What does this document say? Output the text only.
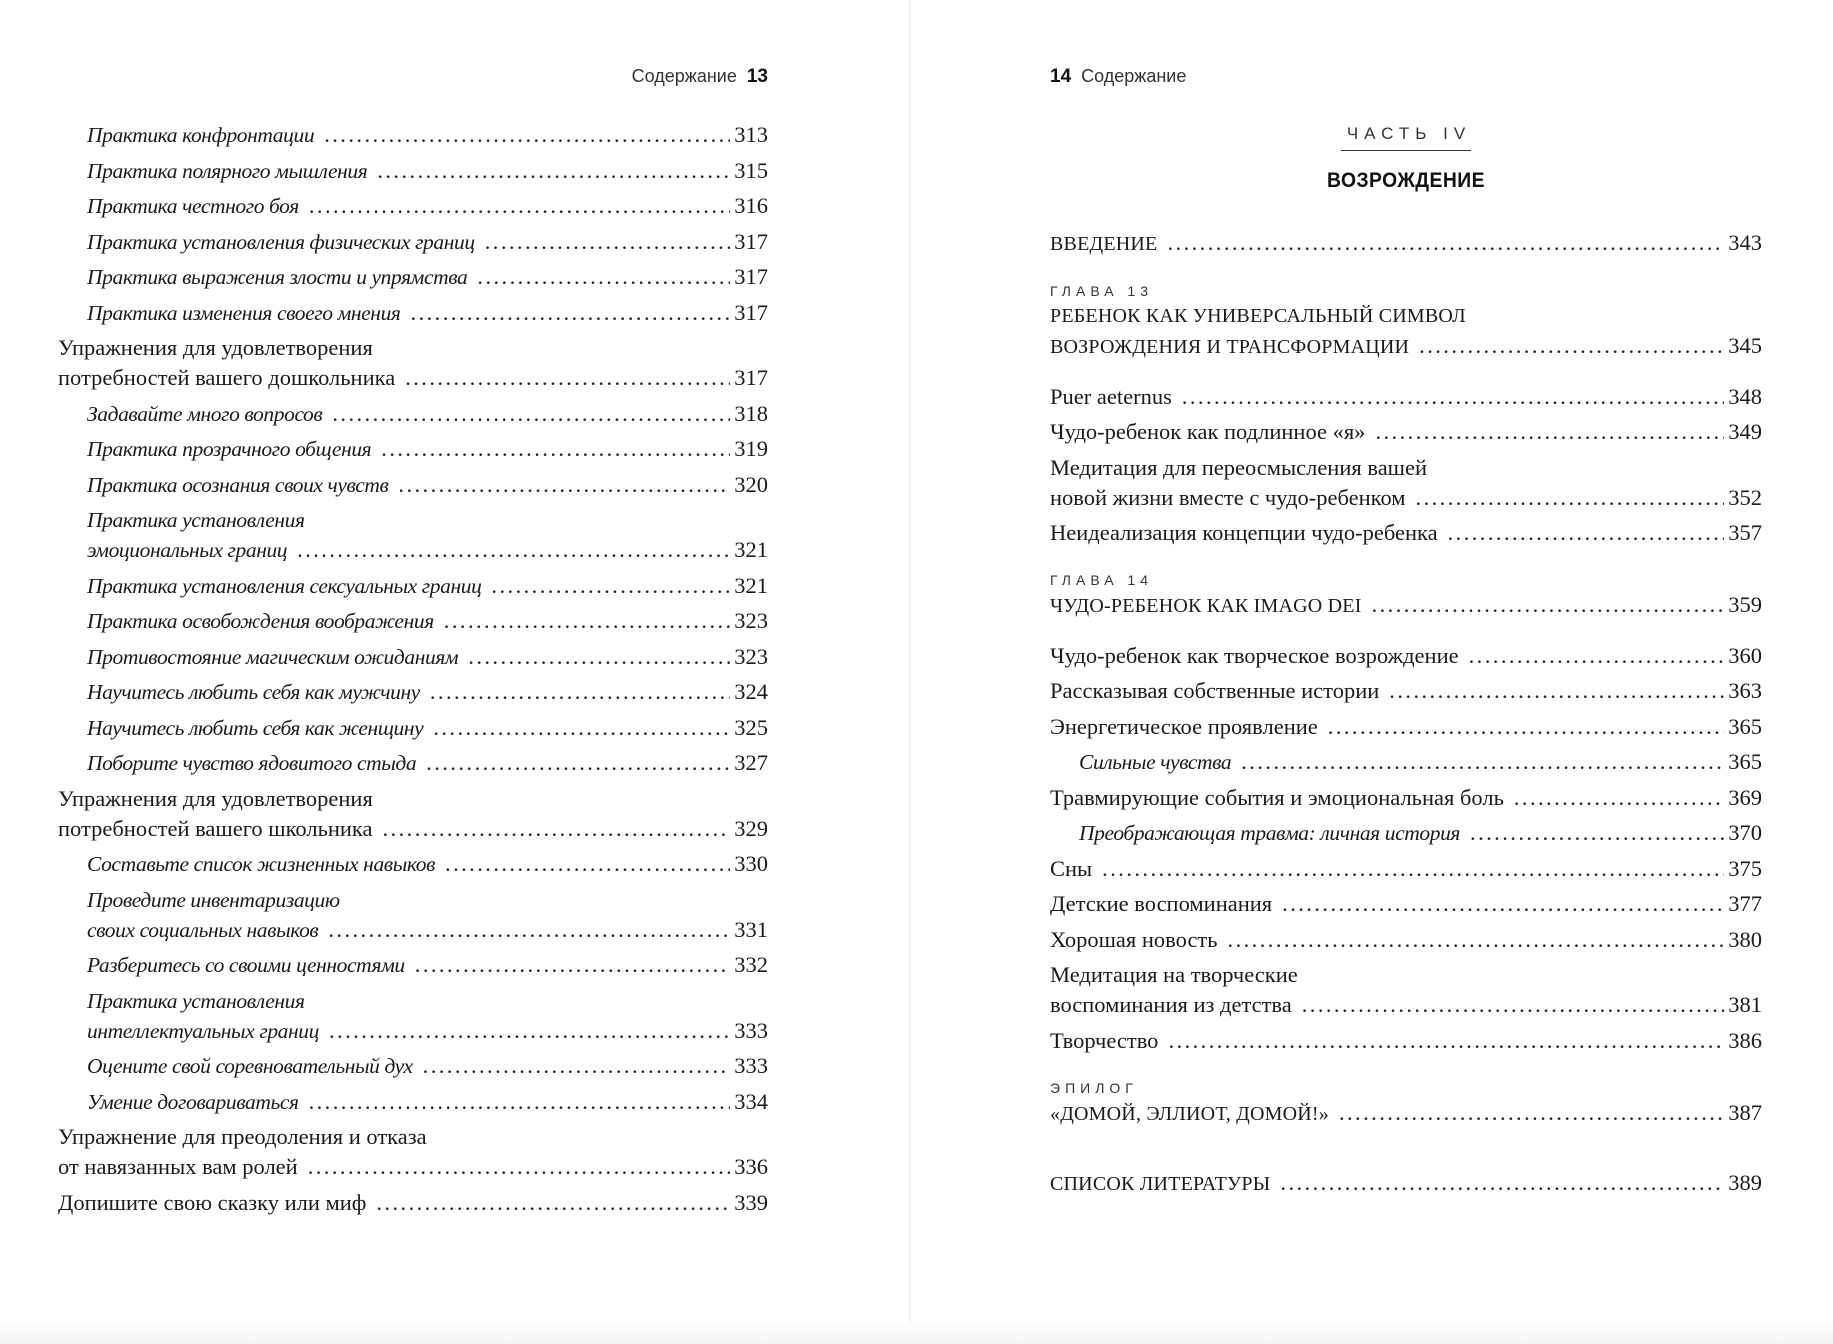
Содержание 13
Практика конфронтации . . .	313
Практика полярного мышления . . .	315
Практика честного боя . . .	316
Практика установления физических границ . . .	317
Практика выражения злости и упрямства . . .	317
Практика изменения своего мнения . . .	317
Упражнения для удовлетворения
потребностей вашего дошкольника . . .	317
Задавайте много вопросов . . .	318
Практика прозрачного общения . . .	319
Практика осознания своих чувств . . .	320
Практика установления
эмоциональных границ . . .	321
Практика установления сексуальных границ . . .	321
Практика освобождения воображения . . .	323
Противостояние магическим ожиданиям . . .	323
Научитесь любить себя как мужчину . . .	324
Научитесь любить себя как женщину . . .	325
Поборите чувство ядовитого стыда . . .	327
Упражнения для удовлетворения
потребностей вашего школьника . . .	329
Составьте список жизненных навыков . . .	330
Проведите инвентаризацию
своих социальных навыков . . .	331
Разберитесь со своими ценностями . . .	332
Практика установления
интеллектуальных границ . . .	333
Оцените свой соревновательный дух . . .	333
Умение договариваться . . .	334
Упражнение для преодоления и отказа
от навязанных вам ролей . . .	336
Допишите свою сказку или миф . . .	339
14 Содержание
ЧАСТЬ IV
ВОЗРОЖДЕНИЕ
ВВЕДЕНИЕ . . .	343
ГЛАВА 13
РЕБЕНОК КАК УНИВЕРСАЛЬНЫЙ СИМВОЛ
ВОЗРОЖДЕНИЯ И ТРАНСФОРМАЦИИ . . .	345
Puer aeternus . . .	348
Чудо-ребенок как подлинное «я» . . .	349
Медитация для переосмысления вашей
новой жизни вместе с чудо-ребенком . . .	352
Неидеализация концепции чудо-ребенка . . .	357
ГЛАВА 14
ЧУДО-РЕБЕНОК КАК IMAGO DEI . . .	359
Чудо-ребенок как творческое возрождение . . .	360
Рассказывая собственные истории . . .	363
Энергетическое проявление . . .	365
Сильные чувства . . .	365
Травмирующие события и эмоциональная боль . . .	369
Преображающая травма: личная история . . .	370
Сны . . .	375
Детские воспоминания . . .	377
Хорошая новость . . .	380
Медитация на творческие
воспоминания из детства . . .	381
Творчество . . .	386
ЭПИЛОГ
«ДОМОЙ, ЭЛЛИОТ, ДОМОЙ!» . . .	387
СПИСОК ЛИТЕРАТУРЫ . . .	389
